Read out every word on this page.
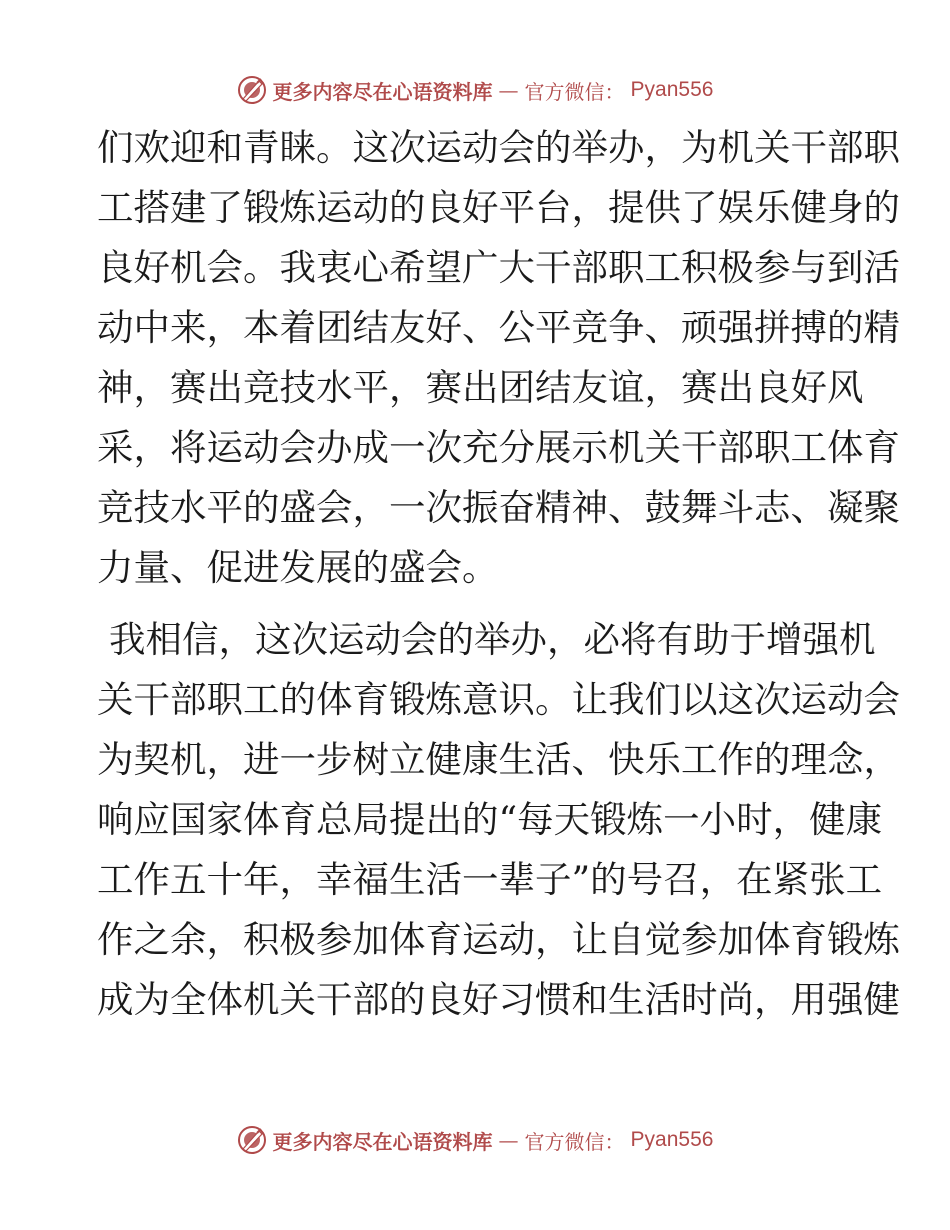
更多内容尽在心语资料库 — 官方微信： Pyan556

们欢迎和青睐。这次运动会的举办，为机关干部职

工搭建了锻炼运动的良好平台，提供了娱乐健身的

良好机会。我衷心希望广大干部职工积极参与到活

动中来，本着团结友好、公平竞争、顽强拼搏的精

神，赛出竞技水平，赛出团结友谊，赛出良好风

采，将运动会办成一次充分展示机关干部职工体育

竞技水平的盛会，一次振奋精神、鼓舞斗志、凝聚

力量、促进发展的盛会。

我相信，这次运动会的举办，必将有助于增强机

关干部职工的体育锻炼意识。让我们以这次运动会

为契机，进一步树立健康生活、快乐工作的理念，

响应国家体育总局提出的“每天锻炼一小时，健康

工作五十年，幸福生活一辈子”的号召，在紧张工

作之余，积极参加体育运动，让自觉参加体育锻炼

成为全体机关干部的良好习惯和生活时尚，用强健

更多内容尽在心语资料库 — 官方微信： Pyan556
